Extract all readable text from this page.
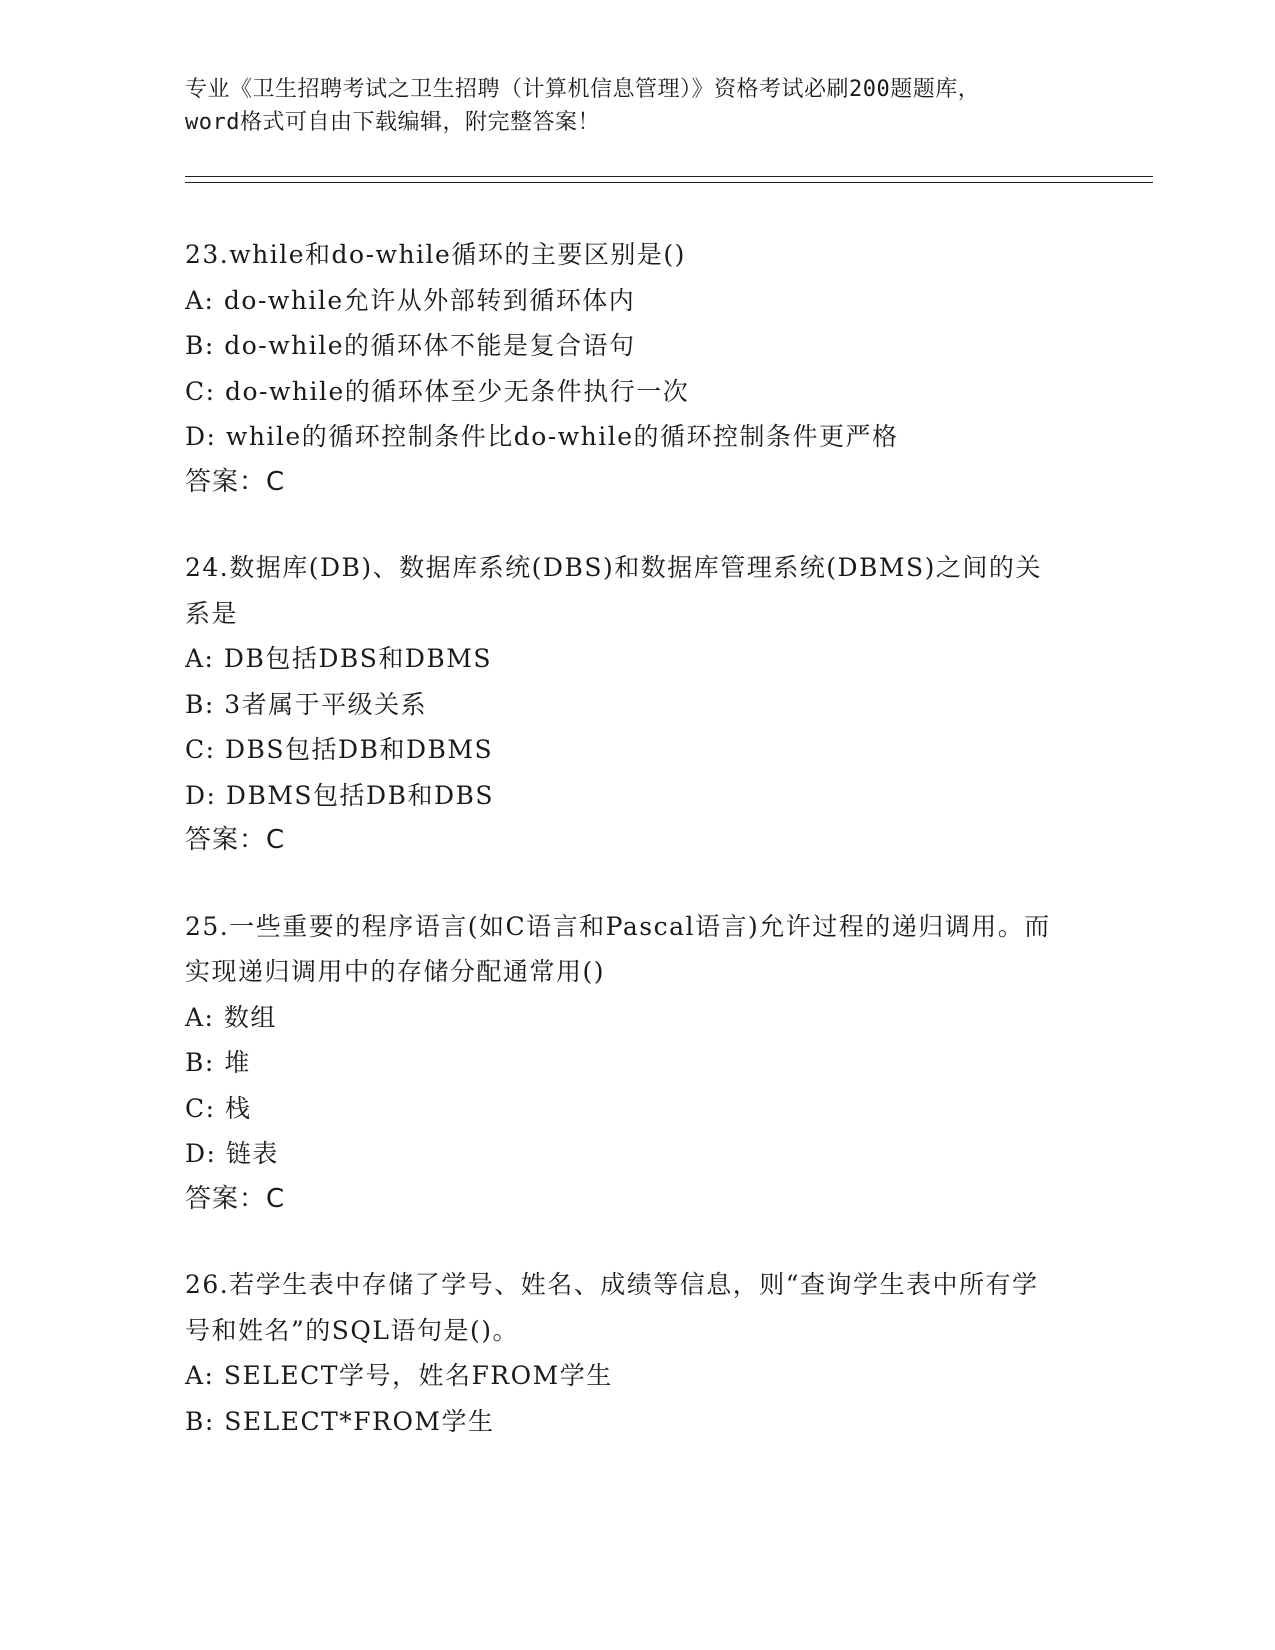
专业《卫生招聘考试之卫生招聘（计算机信息管理）》资格考试必刷200题题库，
word格式可自由下载编辑，附完整答案！

23.while和do-while循环的主要区别是()

A: do-while允许从外部转到循环体内

B: do-while的循环体不能是复合语句

C: do-while的循环体至少无条件执行一次

D: while的循环控制条件比do-while的循环控制条件更严格

答案：C

24.数据库(DB)、数据库系统(DBS)和数据库管理系统(DBMS)之间的关系是

A: DB包括DBS和DBMS

B: 3者属于平级关系

C: DBS包括DB和DBMS

D: DBMS包括DB和DBS

答案：C

25.一些重要的程序语言(如C语言和Pascal语言)允许过程的递归调用。而实现递归调用中的存储分配通常用()

A: 数组

B: 堆

C: 栈

D: 链表

答案：C

26.若学生表中存储了学号、姓名、成绩等信息，则“查询学生表中所有学号和姓名”的SQL语句是()。

A: SELECT学号，姓名FROM学生

B: SELECT*FROM学生
